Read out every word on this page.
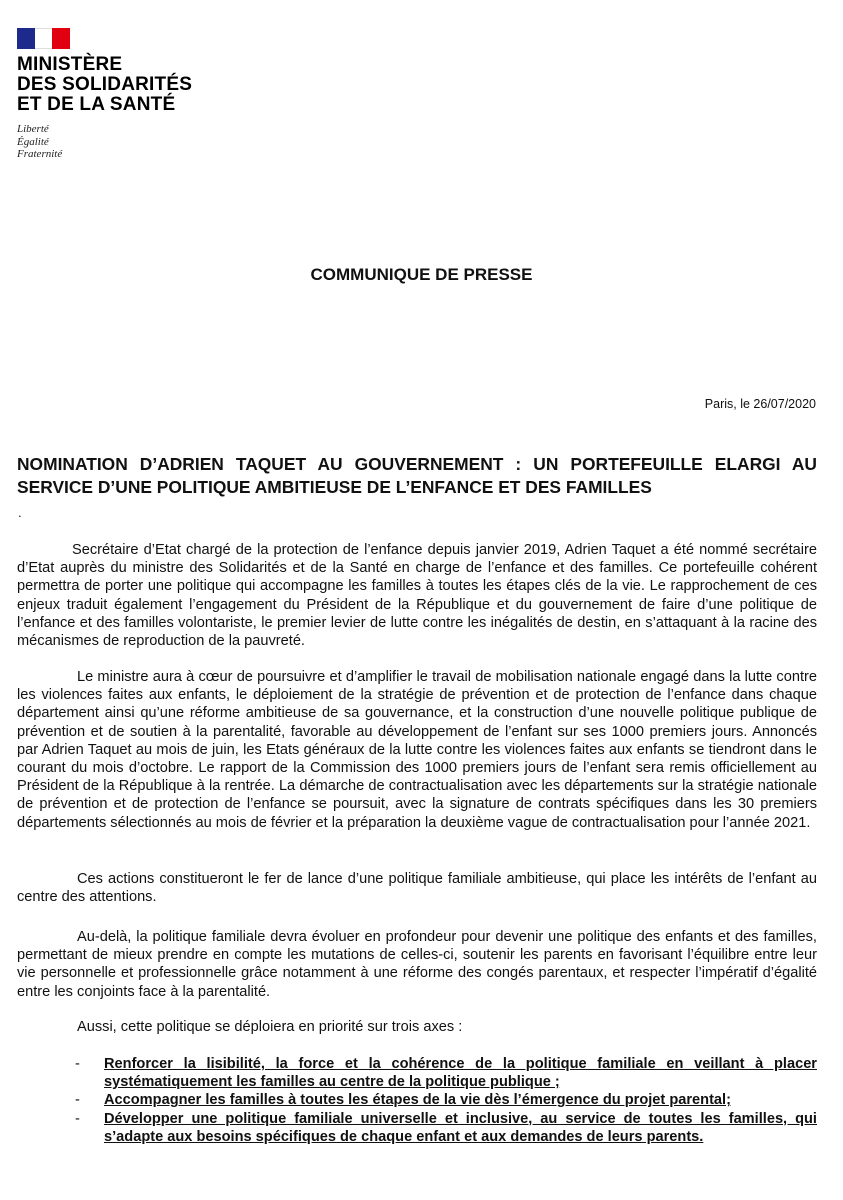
MINISTÈRE
DES SOLIDARITÉS
ET DE LA SANTÉ
Liberté
Égalité
Fraternité
COMMUNIQUE DE PRESSE
Paris, le 26/07/2020
NOMINATION D’ADRIEN TAQUET AU GOUVERNEMENT : UN PORTEFEUILLE ELARGI AU SERVICE D’UNE POLITIQUE AMBITIEUSE DE L’ENFANCE ET DES FAMILLES
.

Secrétaire d’Etat chargé de la protection de l’enfance depuis janvier 2019, Adrien Taquet a été nommé secrétaire d’Etat auprès du ministre des Solidarités et de la Santé en charge de l’enfance et des familles. Ce portefeuille cohérent permettra de porter une politique qui accompagne les familles à toutes les étapes clés de la vie. Le rapprochement de ces enjeux traduit également l’engagement du Président de la République et du gouvernement de faire d’une politique de l’enfance et des familles volontariste, le premier levier de lutte contre les inégalités de destin, en s’attaquant à la racine des mécanismes de reproduction de la pauvreté.

Le ministre aura à cœur de poursuivre et d’amplifier le travail de mobilisation nationale engagé dans la lutte contre les violences faites aux enfants, le déploiement de la stratégie de prévention et de protection de l’enfance dans chaque département ainsi qu’une réforme ambitieuse de sa gouvernance, et la construction d’une nouvelle politique publique de prévention et de soutien à la parentalité, favorable au développement de l’enfant sur ses 1000 premiers jours. Annoncés par Adrien Taquet au mois de juin, les Etats généraux de la lutte contre les violences faites aux enfants se tiendront dans le courant du mois d’octobre. Le rapport de la Commission des 1000 premiers jours de l’enfant sera remis officiellement au Président de la République à la rentrée. La démarche de contractualisation avec les départements sur la stratégie nationale de prévention et de protection de l’enfance se poursuit, avec la signature de contrats spécifiques dans les 30 premiers départements sélectionnés au mois de février et la préparation la deuxième vague de contractualisation pour l’année 2021.

Ces actions constitueront le fer de lance d’une politique familiale ambitieuse, qui place les intérêts de l’enfant au centre des attentions.

Au-delà, la politique familiale devra évoluer en profondeur pour devenir une politique des enfants et des familles, permettant de mieux prendre en compte les mutations de celles-ci, soutenir les parents en favorisant l’équilibre entre leur vie personnelle et professionnelle grâce notamment à une réforme des congés parentaux, et respecter l’impératif d’égalité entre les conjoints face à la parentalité.

Aussi, cette politique se déploiera en priorité sur trois axes :

- Renforcer la lisibilité, la force et la cohérence de la politique familiale en veillant à placer systématiquement les familles au centre de la politique publique ;
- Accompagner les familles à toutes les étapes de la vie dès l’émergence du projet parental;
- Développer une politique familiale universelle et inclusive, au service de toutes les familles, qui s’adapte aux besoins spécifiques de chaque enfant et aux demandes de leurs parents.
